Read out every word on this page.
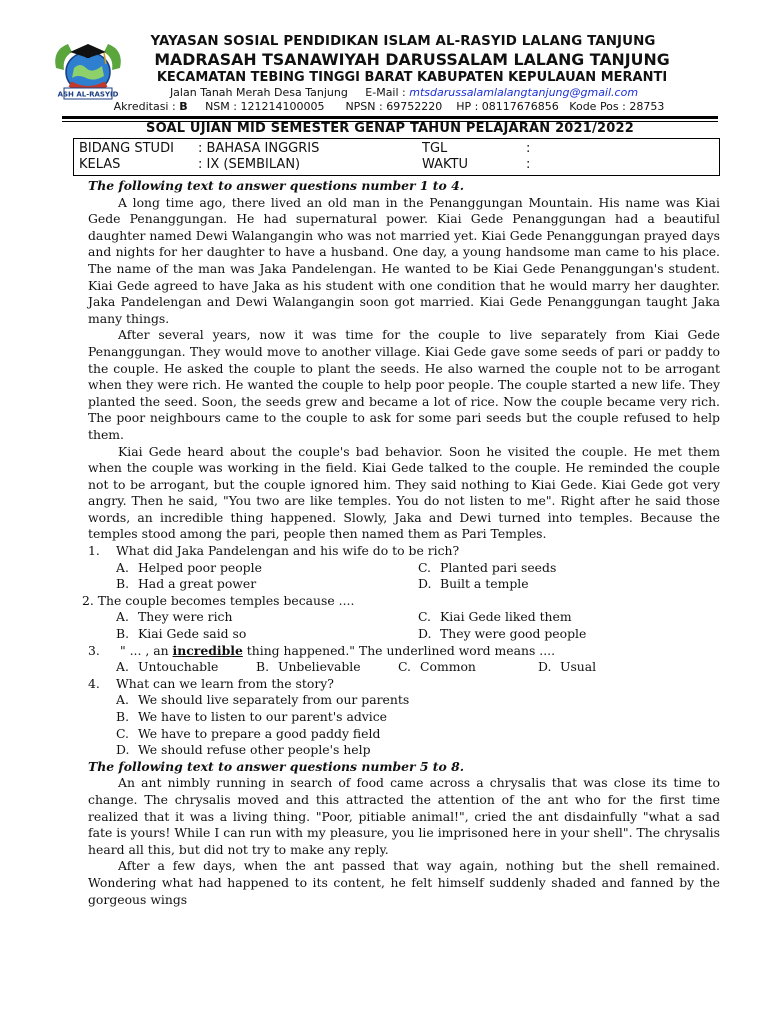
ASH AL-RASYID
YAYASAN SOSIAL PENDIDIKAN ISLAM AL-RASYID LALANG TANJUNG
MADRASAH TSANAWIYAH DARUSSALAM LALANG TANJUNG
KECAMATAN TEBING TINGGI BARAT KABUPATEN KEPULAUAN MERANTI
Jalan Tanah Merah Desa Tanjung E-Mail : mtsdarussalamlalangtanjung@gmail.com
Akreditasi : B NSM : 121214100005 NPSN : 69752220 HP : 08117676856 Kode Pos : 28753
SOAL UJIAN MID SEMESTER GENAP TAHUN PELAJARAN 2021/2022
BIDANG STUDI : BAHASA INGGRIS	TGL	:
KELAS	: IX (SEMBILAN)	WAKTU	:

The following text to answer questions number 1 to 4.

A long time ago, there lived an old man in the Penanggungan Mountain. His name was Kiai Gede Penanggungan. He had supernatural power. Kiai Gede Penanggungan had a beautiful daughter named Dewi Walangangin who was not married yet. Kiai Gede Penanggungan prayed days and nights for her daughter to have a husband. One day, a young handsome man came to his place. The name of the man was Jaka Pandelengan. He wanted to be Kiai Gede Penanggungan's student. Kiai Gede agreed to have Jaka as his student with one condition that he would marry her daughter. Jaka Pandelengan and Dewi Walangangin soon got married. Kiai Gede Penanggungan taught Jaka many things.

After several years, now it was time for the couple to live separately from Kiai Gede Penanggungan. They would move to another village. Kiai Gede gave some seeds of pari or paddy to the couple. He asked the couple to plant the seeds. He also warned the couple not to be arrogant when they were rich. He wanted the couple to help poor people. The couple started a new life. They planted the seed. Soon, the seeds grew and became a lot of rice. Now the couple became very rich. The poor neighbours came to the couple to ask for some pari seeds but the couple refused to help them.

Kiai Gede heard about the couple's bad behavior. Soon he visited the couple. He met them when the couple was working in the field. Kiai Gede talked to the couple. He reminded the couple not to be arrogant, but the couple ignored him. They said nothing to Kiai Gede. Kiai Gede got very angry. Then he said, "You two are like temples. You do not listen to me". Right after he said those words, an incredible thing happened. Slowly, Jaka and Dewi turned into temples. Because the temples stood among the pari, people then named them as Pari Temples.

1.	What did Jaka Pandelengan and his wife do to be rich?
A. Helped poor people	C. Planted pari seeds
B. Had a great power	D. Built a temple
2.
The couple becomes temples because ....
A. They were rich	C. Kiai Gede liked them
B. Kiai Gede said so	D. They were good people
3.	" ... , an incredible thing happened." The underlined word means ....
A. Untouchable	B. Unbelievable	C. Common	D. Usual
4.	What can we learn from the story?
A. We should live separately from our parents
B. We have to listen to our parent's advice
C. We have to prepare a good paddy field
D. We should refuse other people's help

The following text to answer questions number 5 to 8.

An ant nimbly running in search of food came across a chrysalis that was close its time to change. The chrysalis moved and this attracted the attention of the ant who for the first time realized that it was a living thing. "Poor, pitiable animal!", cried the ant disdainfully "what a sad fate is yours! While I can run with my pleasure, you lie imprisoned here in your shell". The chrysalis heard all this, but did not try to make any reply.

After a few days, when the ant passed that way again, nothing but the shell remained. Wondering what had happened to its content, he felt himself suddenly shaded and fanned by the gorgeous wings
